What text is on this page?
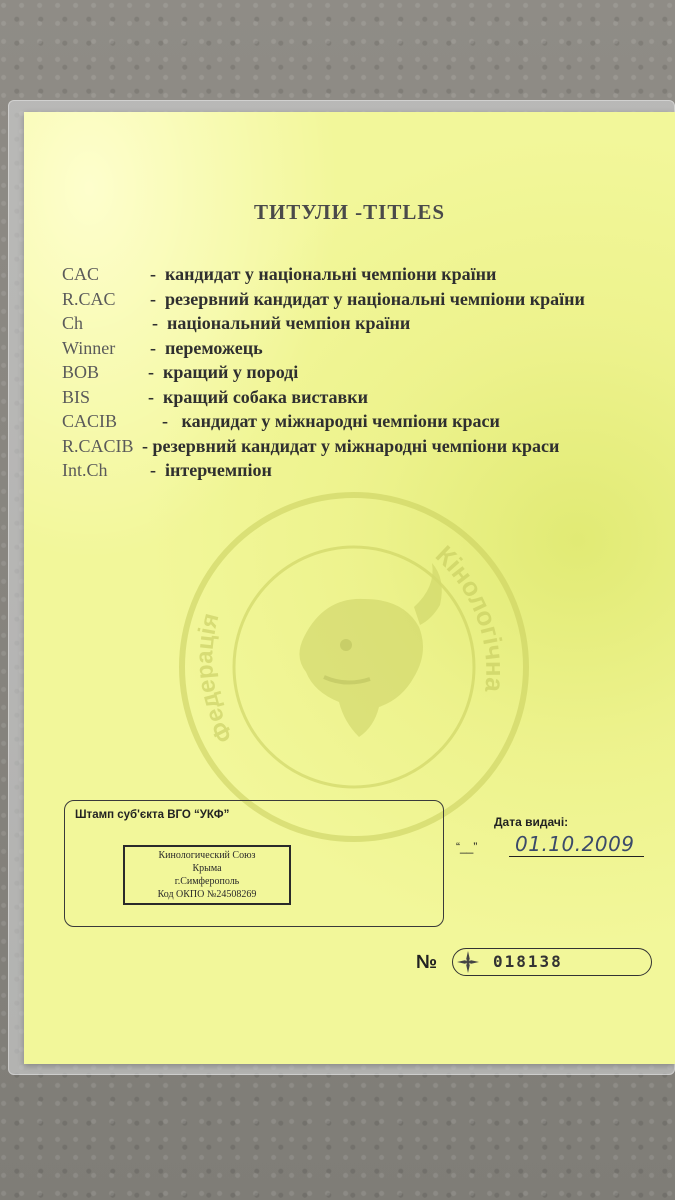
Кінологічна
Федерація
ТИТУЛИ -TITLES
CAC	- кандидат у національні чемпіони країни
R.CAC - резервний кандидат у національні чемпіони країни
Ch	- національний чемпіон країни
Winner - переможець
BOB	- кращий у породі
BIS	- кращий собака виставки
CACIB - кандидат у міжнародні чемпіони краси
R.CACIB - резервний кандидат у міжнародні чемпіони краси
Int.Ch - інтерчемпіон
Штамп суб'єкта ВГО “УКФ”
Кинологический Союз
Крыма
г.Симферополь
Код ОКПО №24508269
Дата видачі:
“__”	01.10.2009
№	018138
